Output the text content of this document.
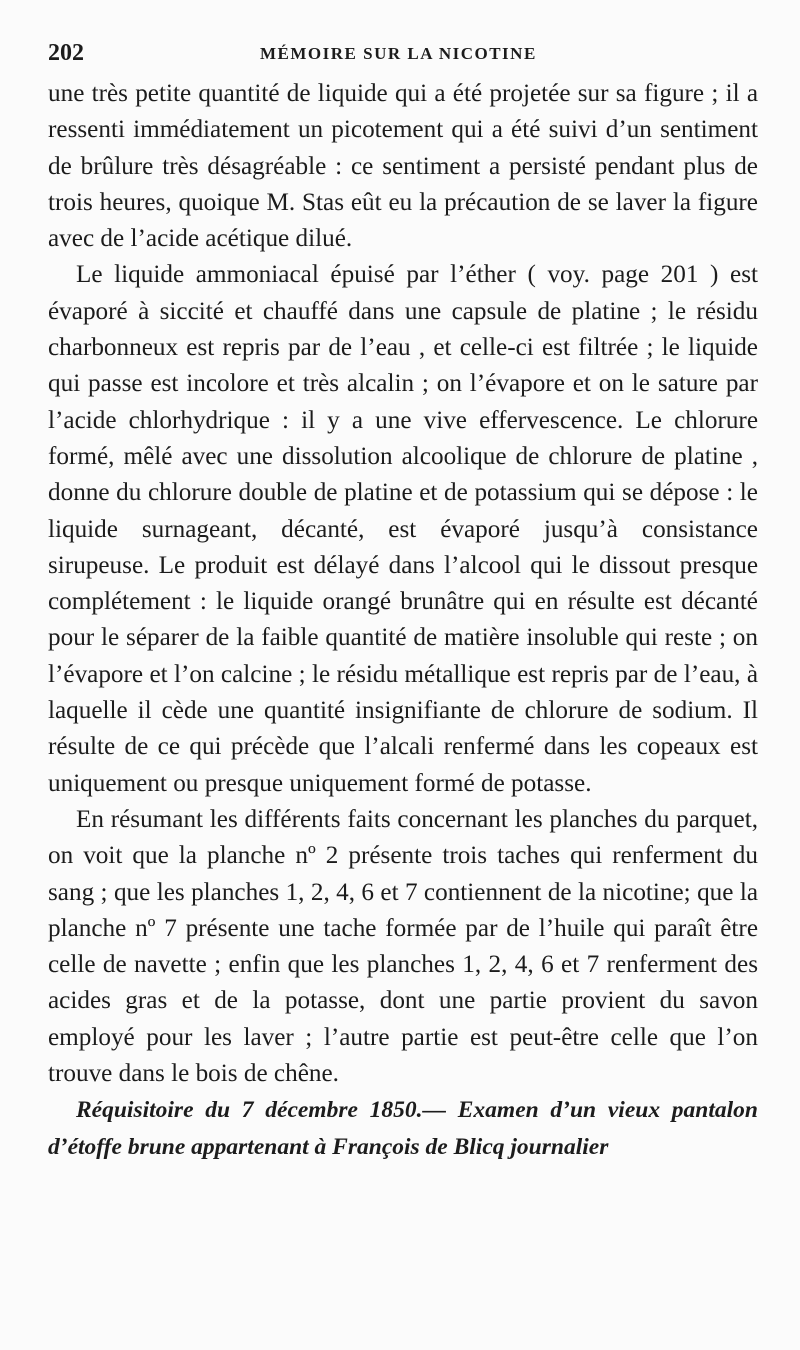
202	MÉMOIRE SUR LA NICOTINE

une très petite quantité de liquide qui a été projetée sur sa figure ; il a ressenti immédiatement un picotement qui a été suivi d’un sentiment de brûlure très désagréable : ce sentiment a persisté pendant plus de trois heures, quoique M. Stas eût eu la précaution de se laver la figure avec de l’acide acétique dilué.

Le liquide ammoniacal épuisé par l’éther ( voy. page 201 ) est évaporé à siccité et chauffé dans une capsule de platine ; le résidu charbonneux est repris par de l’eau , et celle-ci est filtrée ; le liquide qui passe est incolore et très alcalin ; on l’évapore et on le sature par l’acide chlorhydrique : il y a une vive effervescence. Le chlorure formé, mêlé avec une dissolution alcoolique de chlorure de platine , donne du chlorure double de platine et de potassium qui se dépose : le liquide surnageant, décanté, est évaporé jusqu’à consistance sirupeuse. Le produit est délayé dans l’alcool qui le dissout presque complétement : le liquide orangé brunâtre qui en résulte est décanté pour le séparer de la faible quantité de matière insoluble qui reste ; on l’évapore et l’on calcine ; le résidu métallique est repris par de l’eau, à laquelle il cède une quantité insignifiante de chlorure de sodium. Il résulte de ce qui précède que l’alcali renfermé dans les copeaux est uniquement ou presque uniquement formé de potasse.

En résumant les différents faits concernant les planches du parquet, on voit que la planche nº 2 présente trois taches qui renferment du sang ; que les planches 1, 2, 4, 6 et 7 contiennent de la nicotine; que la planche nº 7 présente une tache formée par de l’huile qui paraît être celle de navette ; enfin que les planches 1, 2, 4, 6 et 7 renferment des acides gras et de la potasse, dont une partie provient du savon employé pour les laver ; l’autre partie est peut-être celle que l’on trouve dans le bois de chêne.

Réquisitoire du 7 décembre 1850.— Examen d’un vieux pantalon d’étoffe brune appartenant à François de Blicq journalier
